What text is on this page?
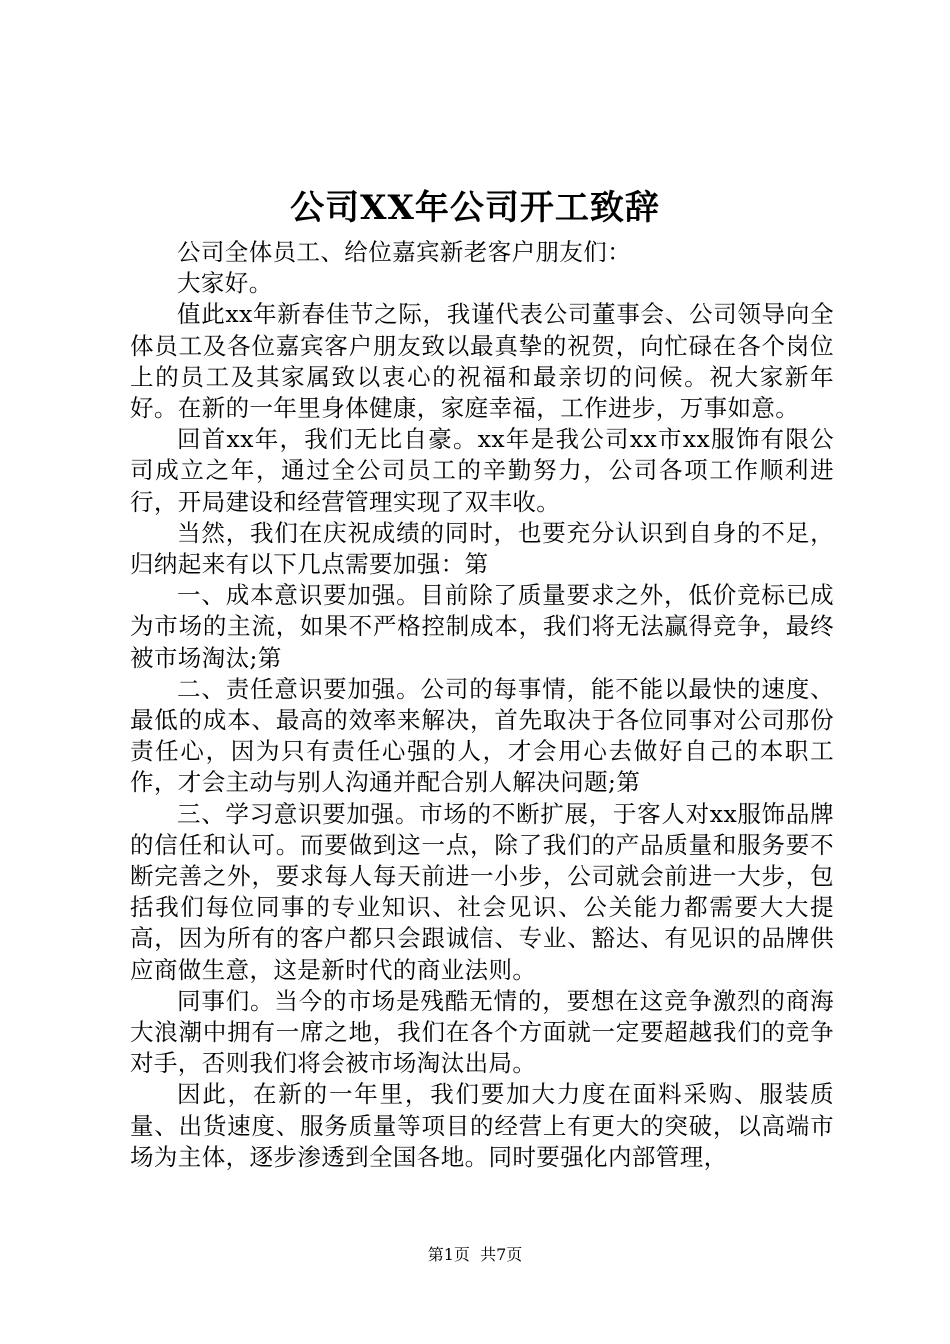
公司XX年公司开工致辞

公司全体员工、给位嘉宾新老客户朋友们：

大家好。

值此xx年新春佳节之际，我谨代表公司董事会、公司领导向全体员工及各位嘉宾客户朋友致以最真挚的祝贺，向忙碌在各个岗位上的员工及其家属致以衷心的祝福和最亲切的问候。祝大家新年好。在新的一年里身体健康，家庭幸福，工作进步，万事如意。

回首xx年，我们无比自豪。xx年是我公司xx市xx服饰有限公司成立之年，通过全公司员工的辛勤努力，公司各项工作顺利进行，开局建设和经营管理实现了双丰收。

当然，我们在庆祝成绩的同时，也要充分认识到自身的不足，归纳起来有以下几点需要加强：第

一、成本意识要加强。目前除了质量要求之外，低价竞标已成为市场的主流，如果不严格控制成本，我们将无法赢得竞争，最终被市场淘汰;第

二、责任意识要加强。公司的每事情，能不能以最快的速度、最低的成本、最高的效率来解决，首先取决于各位同事对公司那份责任心，因为只有责任心强的人，才会用心去做好自己的本职工作，才会主动与别人沟通并配合别人解决问题;第

三、学习意识要加强。市场的不断扩展，于客人对xx服饰品牌的信任和认可。而要做到这一点，除了我们的产品质量和服务要不断完善之外，要求每人每天前进一小步，公司就会前进一大步，包括我们每位同事的专业知识、社会见识、公关能力都需要大大提高，因为所有的客户都只会跟诚信、专业、豁达、有见识的品牌供应商做生意，这是新时代的商业法则。

同事们。当今的市场是残酷无情的，要想在这竞争激烈的商海大浪潮中拥有一席之地，我们在各个方面就一定要超越我们的竞争对手，否则我们将会被市场淘汰出局。

因此，在新的一年里，我们要加大力度在面料采购、服装质量、出货速度、服务质量等项目的经营上有更大的突破，以高端市场为主体，逐步渗透到全国各地。同时要强化内部管理，

第1页 共7页
